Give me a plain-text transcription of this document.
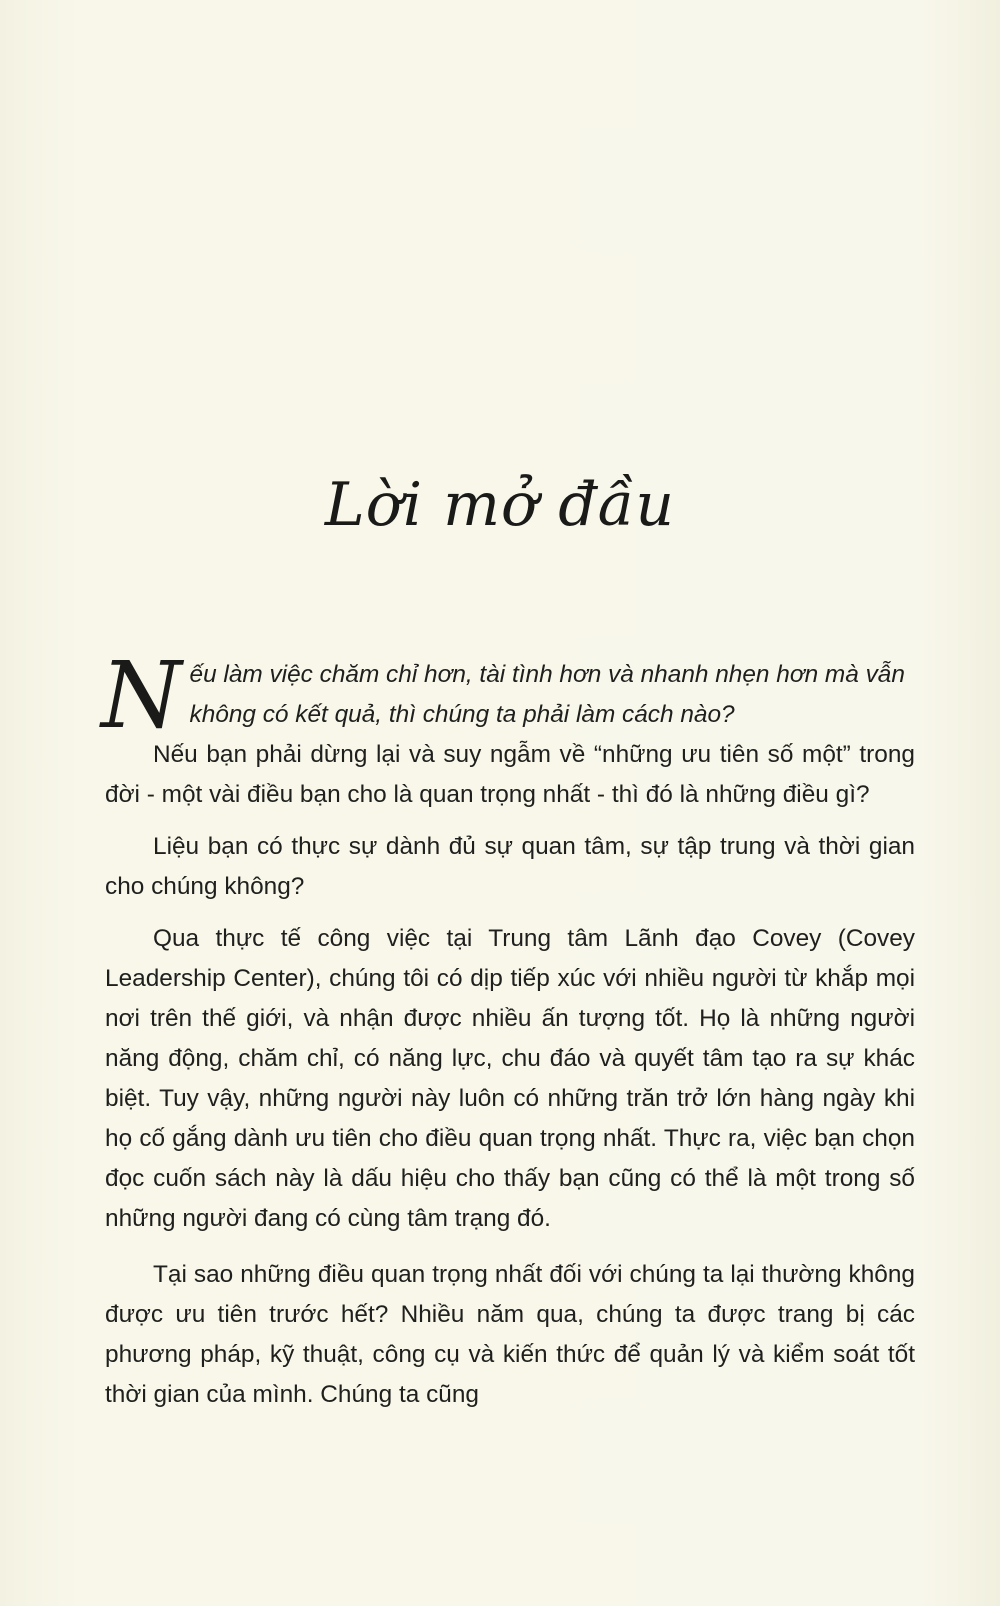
Lời mở đầu
N ếu làm việc chăm chỉ hơn, tài tình hơn và nhanh nhẹn hơn mà vẫn không có kết quả, thì chúng ta phải làm cách nào?

Nếu bạn phải dừng lại và suy ngẫm về “những ưu tiên số một” trong đời - một vài điều bạn cho là quan trọng nhất - thì đó là những điều gì?

Liệu bạn có thực sự dành đủ sự quan tâm, sự tập trung và thời gian cho chúng không?

Qua thực tế công việc tại Trung tâm Lãnh đạo Covey (Covey Leadership Center), chúng tôi có dịp tiếp xúc với nhiều người từ khắp mọi nơi trên thế giới, và nhận được nhiều ấn tượng tốt. Họ là những người năng động, chăm chỉ, có năng lực, chu đáo và quyết tâm tạo ra sự khác biệt. Tuy vậy, những người này luôn có những trăn trở lớn hàng ngày khi họ cố gắng dành ưu tiên cho điều quan trọng nhất. Thực ra, việc bạn chọn đọc cuốn sách này là dấu hiệu cho thấy bạn cũng có thể là một trong số những người đang có cùng tâm trạng đó.

Tại sao những điều quan trọng nhất đối với chúng ta lại thường không được ưu tiên trước hết? Nhiều năm qua, chúng ta được trang bị các phương pháp, kỹ thuật, công cụ và kiến thức để quản lý và kiểm soát tốt thời gian của mình. Chúng ta cũng
